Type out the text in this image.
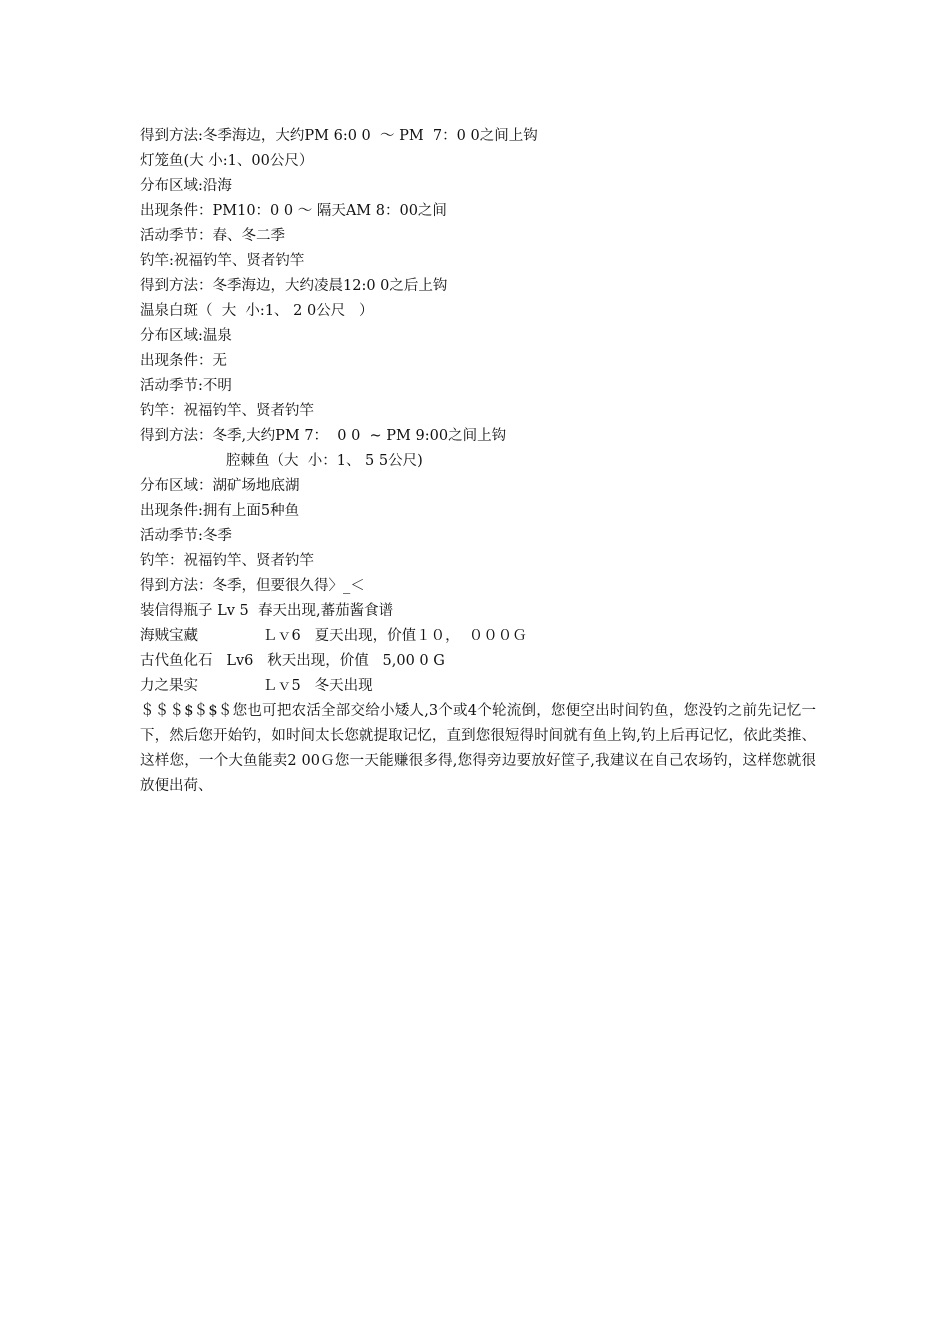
得到方法:冬季海边，大约PM 6:0 0  ～ PM  7：0 0之间上钩
灯笼鱼(大 小:1、00公尺）
分布区域:沿海
出现条件：PM10：0 0 ～ 隔天AM 8：00之间
活动季节：春、冬二季
钓竿:祝福钓竿、贤者钓竿
得到方法：冬季海边，大约凌晨12:0 0之后上钩
温泉白斑（  大  小:1、 2 0公尺   ）
分布区域:温泉
出现条件：无
活动季节:不明
钓竿：祝福钓竿、贤者钓竿
得到方法：冬季,大约PM 7：  0 0  ~ PM 9:00之间上钩
腔棘鱼（大  小：1、 5 5公尺)
分布区域：湖矿场地底湖
出现条件:拥有上面5种鱼
活动季节:冬季
钓竿：祝福钓竿、贤者钓竿
得到方法：冬季，但要很久得〉_＜
装信得瓶子 Lv 5  春天出现,蕃茄酱食谱
海贼宝藏              Ｌｖ6   夏天出现，价值１０，  ０００Ｇ
古代鱼化石   Lv6   秋天出现，价值   5,00 0 G
力之果实              Ｌｖ5   冬天出现
＄＄＄$＄$＄您也可把农活全部交给小矮人,3个或4个轮流倒，您便空出时间钓鱼，您没钓之前先记忆一下，然后您开始钓，如时间太长您就提取记忆，直到您很短得时间就有鱼上钩,钓上后再记忆，依此类推、这样您，一个大鱼能卖2 00Ｇ您一天能赚很多得,您得旁边要放好筐子,我建议在自己农场钓，这样您就很放便出荷、
